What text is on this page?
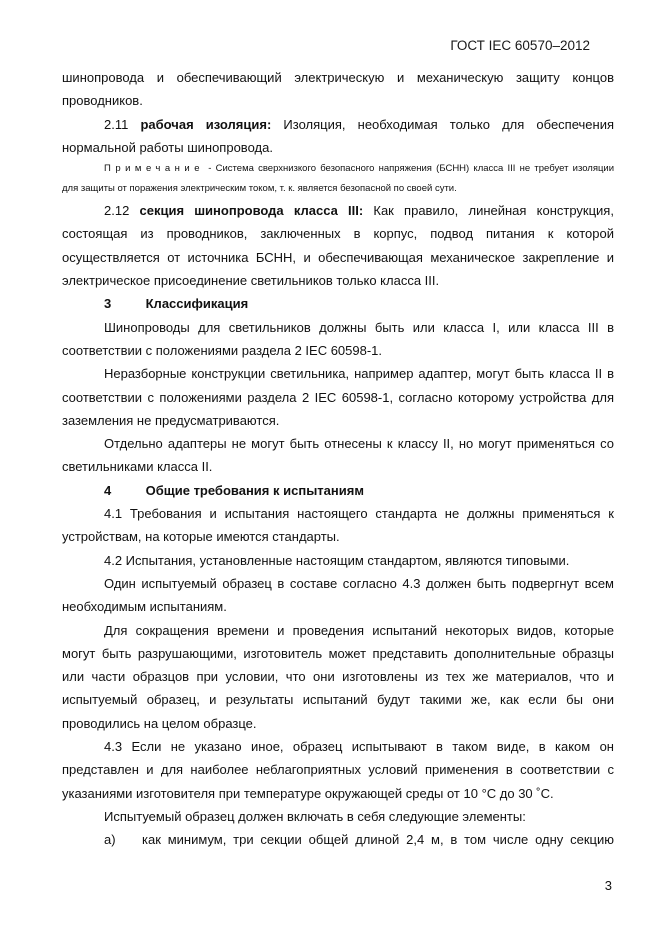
ГОСТ IEC 60570–2012

шинопровода и обеспечивающий электрическую и механическую защиту концов проводников.

2.11 рабочая изоляция: Изоляция, необходимая только для обеспечения нормальной работы шинопровода.

Примечание - Система сверхнизкого безопасного напряжения (БСНН) класса III не требует изоляции для защиты от поражения электрическим током, т. к. является безопасной по своей сути.

2.12 секция шинопровода класса III: Как правило, линейная конструкция, состоящая из проводников, заключенных в корпус, подвод питания к которой осуществляется от источника БСНН, и обеспечивающая механическое закрепление и электрическое присоединение светильников только класса III.

3	Классификация

Шинопроводы для светильников должны быть или класса I, или класса III в соответствии с положениями раздела 2 IEC 60598-1.

Неразборные конструкции светильника, например адаптер, могут быть класса II в соответствии с положениями раздела 2 IEC 60598-1, согласно которому устройства для заземления не предусматриваются.

Отдельно адаптеры не могут быть отнесены к классу II, но могут применяться со светильниками класса II.

4	Общие требования к испытаниям

4.1 Требования и испытания настоящего стандарта не должны применяться к устройствам, на которые имеются стандарты.

4.2 Испытания, установленные настоящим стандартом, являются типовыми.

Один испытуемый образец в составе согласно 4.3 должен быть подвергнут всем необходимым испытаниям.

Для сокращения времени и проведения испытаний некоторых видов, которые могут быть разрушающими, изготовитель может представить дополнительные образцы или части образцов при условии, что они изготовлены из тех же материалов, что и испытуемый образец, и результаты испытаний будут такими же, как если бы они проводились на целом образце.

4.3 Если не указано иное, образец испытывают в таком виде, в каком он представлен и для наиболее неблагоприятных условий применения в соответствии с указаниями изготовителя при температуре окружающей среды от 10 °С до 30 ˚С.

Испытуемый образец должен включать в себя следующие элементы:

а) как минимум, три секции общей длиной 2,4 м, в том числе одну секцию

3
